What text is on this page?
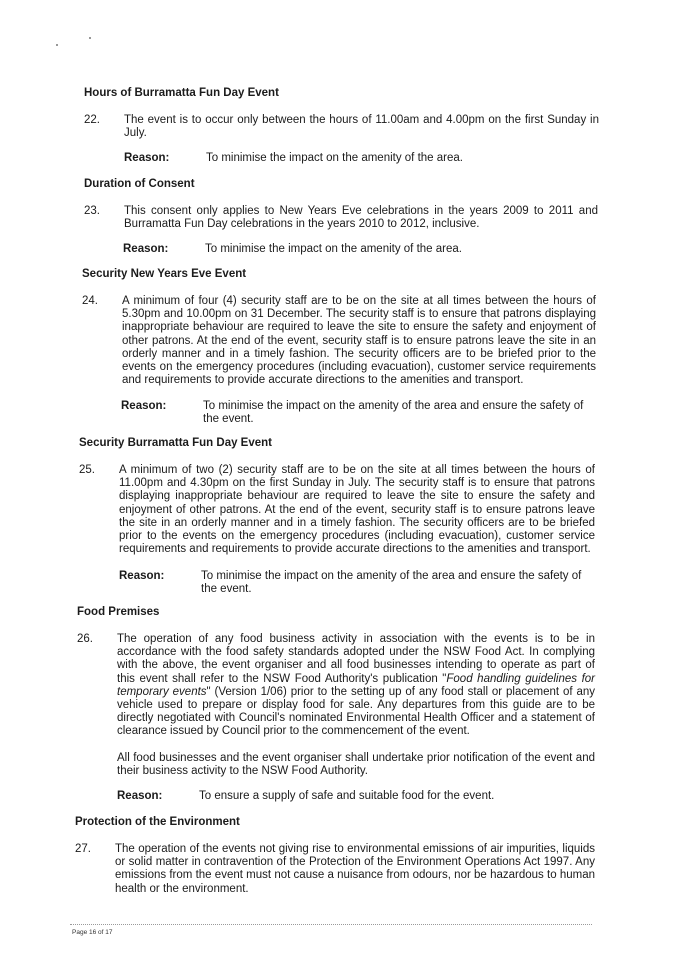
Hours of Burramatta Fun Day Event
22. The event is to occur only between the hours of 11.00am and 4.00pm on the first Sunday in July.

Reason:	To minimise the impact on the amenity of the area.

Duration of Consent
23. This consent only applies to New Years Eve celebrations in the years 2009 to 2011 and Burramatta Fun Day celebrations in the years 2010 to 2012, inclusive.

Reason:	To minimise the impact on the amenity of the area.

Security New Years Eve Event
24. A minimum of four (4) security staff are to be on the site at all times between the hours of 5.30pm and 10.00pm on 31 December. The security staff is to ensure that patrons displaying inappropriate behaviour are required to leave the site to ensure the safety and enjoyment of other patrons. At the end of the event, security staff is to ensure patrons leave the site in an orderly manner and in a timely fashion. The security officers are to be briefed prior to the events on the emergency procedures (including evacuation), customer service requirements and requirements to provide accurate directions to the amenities and transport.

Reason:	To minimise the impact on the amenity of the area and ensure the safety of the event.

Security Burramatta Fun Day Event
25. A minimum of two (2) security staff are to be on the site at all times between the hours of 11.00pm and 4.30pm on the first Sunday in July. The security staff is to ensure that patrons displaying inappropriate behaviour are required to leave the site to ensure the safety and enjoyment of other patrons. At the end of the event, security staff is to ensure patrons leave the site in an orderly manner and in a timely fashion. The security officers are to be briefed prior to the events on the emergency procedures (including evacuation), customer service requirements and requirements to provide accurate directions to the amenities and transport.

Reason:	To minimise the impact on the amenity of the area and ensure the safety of the event.

Food Premises
26. The operation of any food business activity in association with the events is to be in accordance with the food safety standards adopted under the NSW Food Act. In complying with the above, the event organiser and all food businesses intending to operate as part of this event shall refer to the NSW Food Authority's publication "Food handling guidelines for temporary events" (Version 1/06) prior to the setting up of any food stall or placement of any vehicle used to prepare or display food for sale. Any departures from this guide are to be directly negotiated with Council's nominated Environmental Health Officer and a statement of clearance issued by Council prior to the commencement of the event.

All food businesses and the event organiser shall undertake prior notification of the event and their business activity to the NSW Food Authority.

Reason:	To ensure a supply of safe and suitable food for the event.

Protection of the Environment
27. The operation of the events not giving rise to environmental emissions of air impurities, liquids or solid matter in contravention of the Protection of the Environment Operations Act 1997. Any emissions from the event must not cause a nuisance from odours, nor be hazardous to human health or the environment.

Page 16 of 17
